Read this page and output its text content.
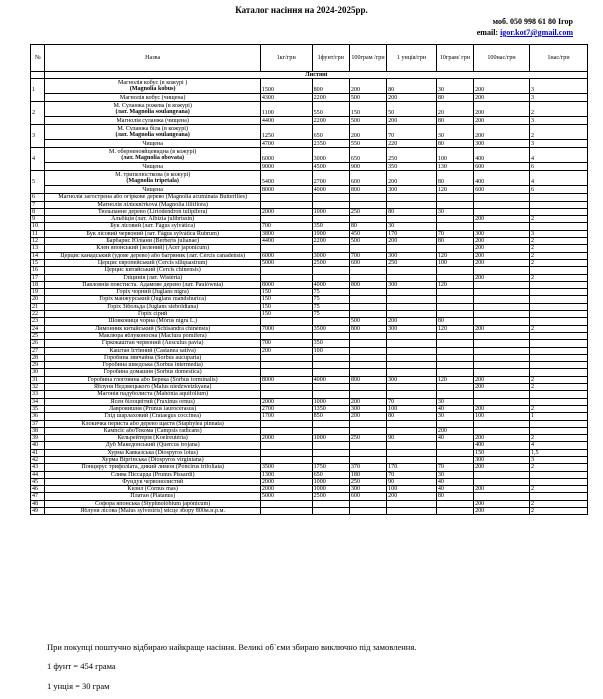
Каталог насіння на 2024-2025рр.
моб. 050 998 61 80 Ігор
email: igor.kot7@gmail.com
№	Назва	1кг/грн	1фунт/грн	100грам /грн	1 унція/грн	10грам/ грн	100нас/грн	1нас/грн
	Листяні							
1	Магнолія кобус (в кожурі )
(Magnolia kobus)	1500	800	200	80	30	200	3

	Магнолія кобус (чищена)	4300	2200	500	200	80	200	3
2	М. Суланжа рожева (в кожурі)
(лат. Magnolia soulangeana)	1100	550	150	50	20	200	2

	Магнолія суланжа (чищена)	4400	2200	500	200	80	200	3
3	М. Суланжа біла (в кожурі)
(лат. Magnolia soulangeana)	1250	650	200	70	30	200	2

	Чищена	4700	2350	550	220	80	300	3
4	М. оберненояйцевидна (в кожурі)
(лат. Magnolia obovata)	6000	3000	650	250	100	400	4

	Чищена	9000	4500	900	350	130	600	6
5	М. трипелюсткова (в кожурі)
(Magnolia tripetala)	5400	2700	600	200	80	400	4

	Чищена	8000	4000	800	300	120	600	6
6	Магнолія загострена або огіркове дерево (Magnolia acuminata Butterflies)							
7	Магнолія лілієквітková (Magnolia liliiflora)							
8	Тюльпанне дерево (Liriodendron tulipifera)	2000	1000	250	80	30		
9	Альбіція (лат. Albizia julibrissin)						200	2
10	Бук лісовий (лат. Fágus sylvática)	700	350	80	30			
11	Бук лісовий червоний (лат. Fágus sylvática Rubrum)	3800	1900	450	170	70	300	3
12	Барбарис Юліани (Berberis julianae)	4400	2200	500	200	80	200	2
13	Клен японський (зелений) (Acer japonicum)						200	2
14	Церцис канадський (удове дерево) або багряник (лат. Cércis canadensis)	6000	3000	700	300	120	200	2
15	Церцис європейський (Cercis siliquastrum)	5000	2500	600	250	100	200	2
16	Церцис китайський (Cercis chinensis)							
17	Гліцинія (лат. Wistéria)						200	2
18	Павловнія повстиста. Адамове дерево (лат. Paulównia)	8000	4000	800	300	120		
19	Горіх чорний (Juglans nigra)	150	75					
20	Горіх манжурський (Juglans mandshurica)	150	75					
21	Горіх Зібольда (Juglans sieboldiana)	150	75					
22	Горіх сірий	150	75					
23	Шовковиця чорна (Mórus nigra L.)			500	200	80		
24	Лимонник китайський (Schisándra chinénsis)	7000	3500	800	300	120	200	2
25	Маклюра яблуконосна (Maclura pomifera)							
26	Гіркокаштан червоний (Aesculus pavia)	700	350					
27	Каштан їстівний (Castanea sativa)	200	100					
28	Горобина звичайна (Sorbus aucuparia)							
29	Горобина шведська (Sorbus intermedia)							
30	Горобина домашня (Sorbus domestica)							
31	Горобина глоговина або Берека (Sorbus torminalis)	8000	4000	800	300	120	200	2
32	Яблуня Недзвецького (Malus niedzwetzkyana)						200	2
33	Магонія падуболиста (Mahónia aquifólium)							
34	Ясен білоцвітий (Fraxinus ornus)	2000	1000	200	70	30		
35	Лавровишня (Prúnus laurocérasus)	2700	1350	300	100	40	200	2
36	Глід шарлаховий (Crataegus coccinea)	1700	850	200	80	30	100	1
37	Клокичка периста або дерево щастя (Staphylea pinnata)							
38	Кампсіс абоТекома (Campsis radicans)					200		
39	Кельрейтерія (Koelreutéria)	2000	1000	250	90	40	200	2
40	Дуб Македонський (Quercus trojana)						400	4
41	Хурма Кавказська (Diospyros lotus)						150	1,5
42	Хурма Віргінська (Diospyros virginiana)						300	3
43	Понцирус трифоліата, дикий лимон (Poncirus trifoliata)	3500	1750	370	170	70	200	2
44	Слива Піссарда (Prunus Pissardi)	1300	650	180	70	30		
45	Фундук червонолистий	2000	1000	250	90	40		
46	Кизил (Córnus mas)	2000	1000	300	100	40	200	2
47	Платан (Plátanus)	5000	2500	600	200	80		
48	Софора японська (Styphnolóbium japónicum)						200	2
49	Яблуня лісова (Malus sylvestris) місце збору 800м.н.р.м.						200	2
При покупці поштучно відбираю найкраще насіння. Великі об`єми збираю виключно під замовлення.
1 фунт = 454 грама
1 унція = 30 грам
